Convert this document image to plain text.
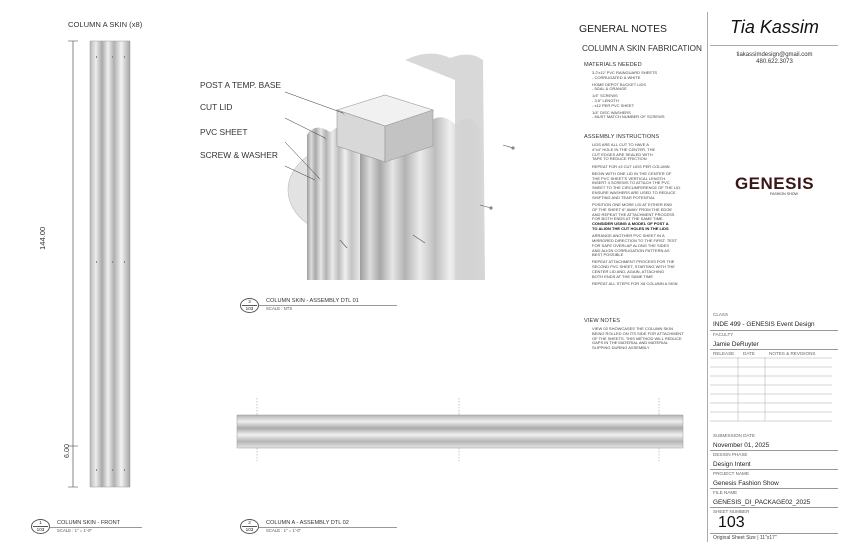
COLUMN A SKIN (x8)
144.00
6.00
1
103
COLUMN SKIN - FRONT
SCALE : 1" = 1'-0"
POST A TEMP. BASE
CUT LID
PVC SHEET
SCREW & WASHER
3
103
COLUMN SKIN - ASSEMBLY DTL 01
SCALE : NTS
2
103
COLUMN A - ASSEMBLY DTL 02
SCALE : 1" = 1'-0"
GENERAL NOTES
COLUMN A SKIN FABRICATION
MATERIALS NEEDED
3.2'x12' PVC RAINGUARD SHEETS
- CORRUGATED & WHITE
HOME DEPOT BUCKET LIDS
- 5GAL & ORANGE
1/4" SCREWS
- 3.5" LENGTH
- x12 PER PVC SHEET
1/4" DISC WASHERS
- MUST MATCH NUMBER OF SCREWS
ASSEMBLY INSTRUCTIONS
LIDS ARE ALL CUT TO HAVE A
4"x4" HOLE IN THE CENTER. THE
CUT EDGES ARE SEALED WITH
TAPE TO REDUCE FRICTION
REPEAT FOR x3 CUT LIDS PER COLUMN
BEGIN WITH ONE LID IN THE CENTER OF
THE PVC SHEET'S VERTICAL LENGTH.
INSERT 4 SCREWS TO ATTACH THE PVC
SHEET TO THE CIRCUMFERENCE OF THE LID.
ENSURE WASHERS ARE USED TO REDUCE
SHIFTING AND TEAR POTENTIAL
POSITION ONE MORE LID AT EITHER END
OF THE SHEET 6" AWAY FROM THE EDGE
AND REPEAT THE ATTACHMENT PROCESS
FOR BOTH ENDS AT THE SAME TIME.
CONSIDER USING A MODEL OF POST A
TO ALIGN THE CUT HOLES IN THE LIDS
ARRANGE ANOTHER PVC SHEET IN A
MIRRORED DIRECTION TO THE FIRST. TEST
FOR SAFE OVERLAP ALONG THE SIDES
AND ALIGN CORRUGATION PATTERN AS
BEST POSSIBLE
REPEAT ATTACHMENT PROCESS FOR THE
SECOND PVC SHEET, STARTING WITH THE
CENTER LID AND, AGAIN, ATTACHING
BOTH ENDS AT THE SAME TIME
REPEAT ALL STEPS FOR X8 COLUMN A SKIN
VIEW NOTES
VIEW 03 SHOWCASES THE COLUMN SKIN
BEING ROLLED ON ITS SIDE FOR ATTACHMENT
OF THE SHEETS. THIS METHOD WILL REDUCE
GAPS IN THE MATERIAL AND MATERIAL
SLIPPING DURING ASSEMBLY
Tia Kassim
tiakassimdesign@gmail.com
480.622.3073
GENESIS
FASHION SHOW
CLASS
INDE 499 - GENESIS Event Design
FACULTY
Jamie DeRuyter
RELEASE DATE	NOTES & REVISIONS
SUBMISSION DATE
November 01, 2025
DESIGN PHASE
Design Intent
PROJECT NAME
Genesis Fashion Show
FILE NAME
GENESIS_DI_PACKAGE02_2025
SHEET NUMBER
103
Original Sheet Size | 11"x17"
